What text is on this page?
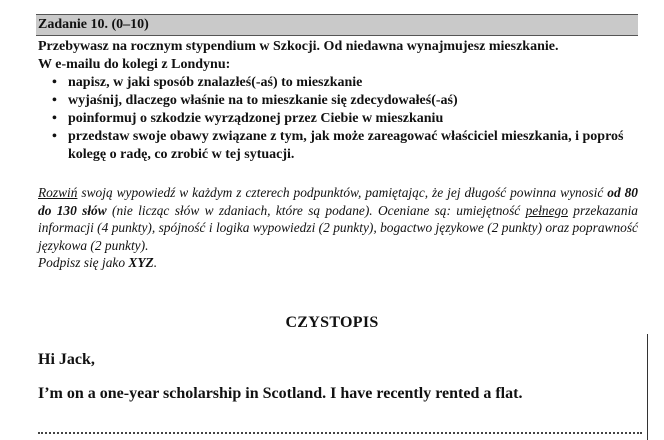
Zadanie 10. (0–10)
Przebywasz na rocznym stypendium w Szkocji. Od niedawna wynajmujesz mieszkanie.
W e-mailu do kolegi z Londynu:
• napisz, w jaki sposób znalazłeś(-aś) to mieszkanie
• wyjaśnij, dlaczego właśnie na to mieszkanie się zdecydowałeś(-aś)
• poinformuj o szkodzie wyrządzonej przez Ciebie w mieszkaniu
• przedstaw swoje obawy związane z tym, jak może zareagować właściciel mieszkania, i poproś kolegę o radę, co zrobić w tej sytuacji.
Rozwiń swoją wypowiedź w każdym z czterech podpunktów, pamiętając, że jej długość powinna wynosić od 80 do 130 słów (nie licząc słów w zdaniach, które są podane). Oceniane są: umiejętność pełnego przekazania informacji (4 punkty), spójność i logika wypowiedzi (2 punkty), bogactwo językowe (2 punkty) oraz poprawność językowa (2 punkty).
Podpisz się jako XYZ.
CZYSTOPIS
Hi Jack,
I’m on a one-year scholarship in Scotland. I have recently rented a flat.
